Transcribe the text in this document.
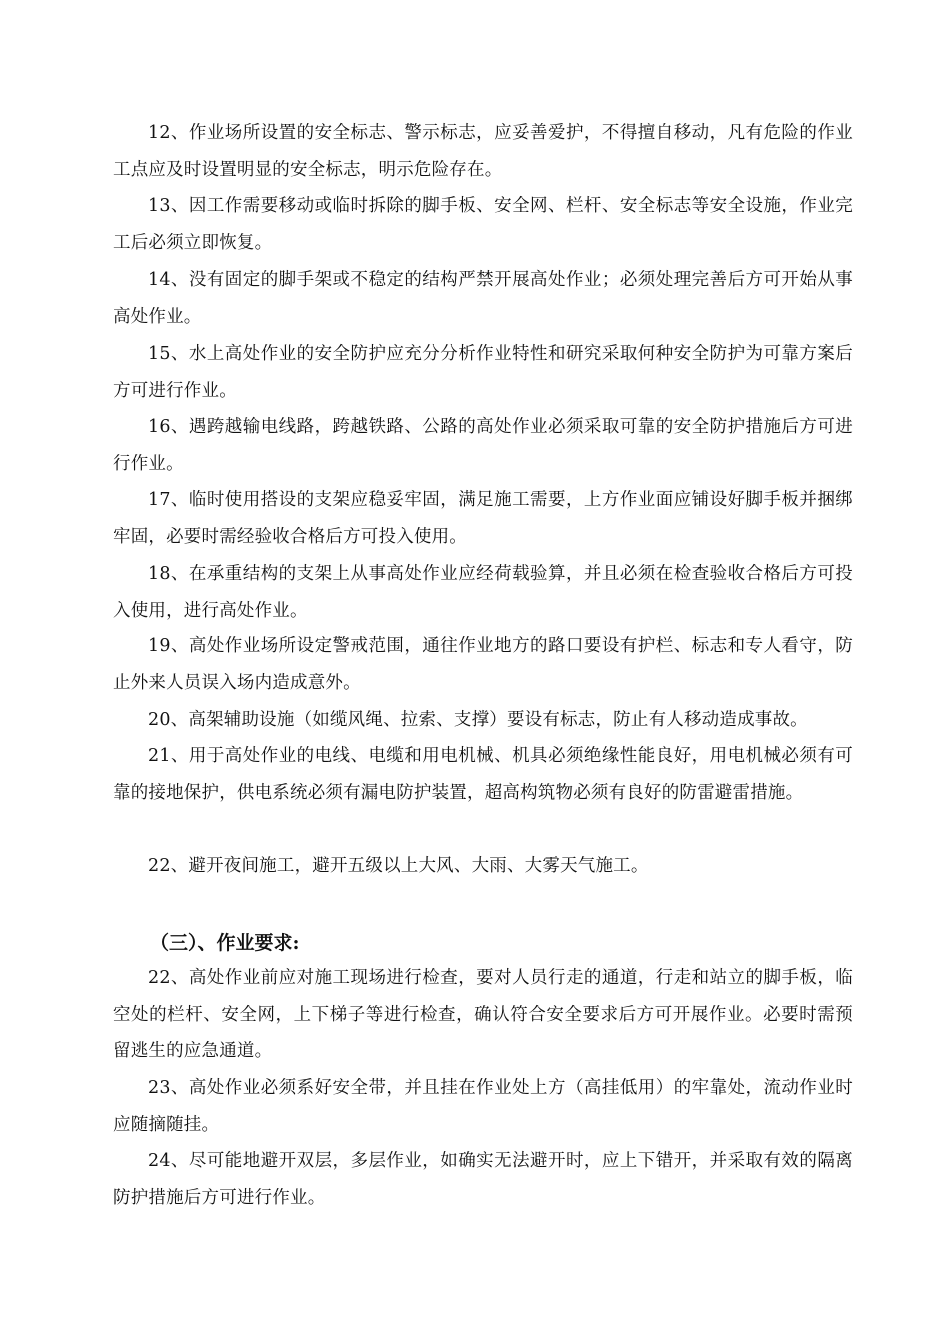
12、作业场所设置的安全标志、警示标志，应妥善爱护，不得擅自移动，凡有危险的作业工点应及时设置明显的安全标志，明示危险存在。

13、因工作需要移动或临时拆除的脚手板、安全网、栏杆、安全标志等安全设施，作业完工后必须立即恢复。

14、没有固定的脚手架或不稳定的结构严禁开展高处作业；必须处理完善后方可开始从事高处作业。

15、水上高处作业的安全防护应充分分析作业特性和研究采取何种安全防护为可靠方案后方可进行作业。

16、遇跨越输电线路，跨越铁路、公路的高处作业必须采取可靠的安全防护措施后方可进行作业。

17、临时使用搭设的支架应稳妥牢固，满足施工需要，上方作业面应铺设好脚手板并捆绑牢固，必要时需经验收合格后方可投入使用。

18、在承重结构的支架上从事高处作业应经荷载验算，并且必须在检查验收合格后方可投入使用，进行高处作业。

19、高处作业场所设定警戒范围，通往作业地方的路口要设有护栏、标志和专人看守，防止外来人员误入场内造成意外。

20、高架辅助设施（如缆风绳、拉索、支撑）要设有标志，防止有人移动造成事故。

21、用于高处作业的电线、电缆和用电机械、机具必须绝缘性能良好，用电机械必须有可靠的接地保护，供电系统必须有漏电防护装置，超高构筑物必须有良好的防雷避雷措施。

22、避开夜间施工，避开五级以上大风、大雨、大雾天气施工。

（三）、作业要求:

22、高处作业前应对施工现场进行检查，要对人员行走的通道，行走和站立的脚手板，临空处的栏杆、安全网，上下梯子等进行检查，确认符合安全要求后方可开展作业。必要时需预留逃生的应急通道。

23、高处作业必须系好安全带，并且挂在作业处上方（高挂低用）的牢靠处，流动作业时应随摘随挂。

24、尽可能地避开双层，多层作业，如确实无法避开时，应上下错开，并采取有效的隔离防护措施后方可进行作业。
